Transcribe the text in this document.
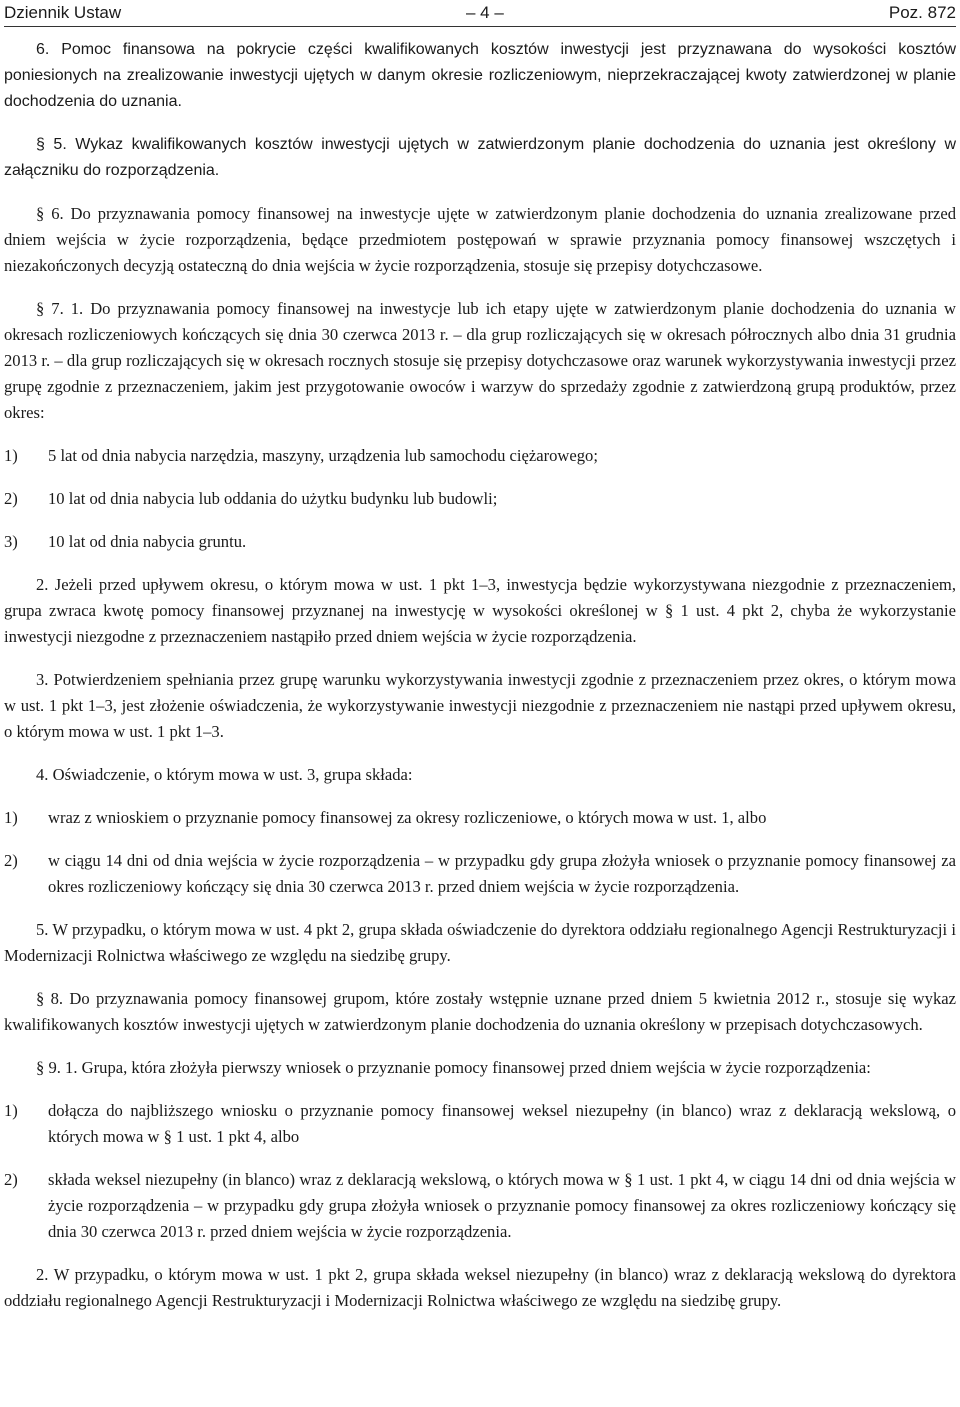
Dziennik Ustaw	– 4 –	Poz. 872

6. Pomoc finansowa na pokrycie części kwalifikowanych kosztów inwestycji jest przyznawana do wysokości kosztów poniesionych na zrealizowanie inwestycji ujętych w danym okresie rozliczeniowym, nieprzekraczającej kwoty zatwierdzonej w planie dochodzenia do uznania.

§ 5. Wykaz kwalifikowanych kosztów inwestycji ujętych w zatwierdzonym planie dochodzenia do uznania jest określony w załączniku do rozporządzenia.

§ 6. Do przyznawania pomocy finansowej na inwestycje ujęte w zatwierdzonym planie dochodzenia do uznania zrealizowane przed dniem wejścia w życie rozporządzenia, będące przedmiotem postępowań w sprawie przyznania pomocy finansowej wszczętych i niezakończonych decyzją ostateczną do dnia wejścia w życie rozporządzenia, stosuje się przepisy dotychczasowe.

§ 7. 1. Do przyznawania pomocy finansowej na inwestycje lub ich etapy ujęte w zatwierdzonym planie dochodzenia do uznania w okresach rozliczeniowych kończących się dnia 30 czerwca 2013 r. – dla grup rozliczających się w okresach półrocznych albo dnia 31 grudnia 2013 r. – dla grup rozliczających się w okresach rocznych stosuje się przepisy dotychczasowe oraz warunek wykorzystywania inwestycji przez grupę zgodnie z przeznaczeniem, jakim jest przygotowanie owoców i warzyw do sprzedaży zgodnie z zatwierdzoną grupą produktów, przez okres:

1)	5 lat od dnia nabycia narzędzia, maszyny, urządzenia lub samochodu ciężarowego;
2)	10 lat od dnia nabycia lub oddania do użytku budynku lub budowli;
3)	10 lat od dnia nabycia gruntu.

2. Jeżeli przed upływem okresu, o którym mowa w ust. 1 pkt 1–3, inwestycja będzie wykorzystywana niezgodnie z przeznaczeniem, grupa zwraca kwotę pomocy finansowej przyznanej na inwestycję w wysokości określonej w § 1 ust. 4 pkt 2, chyba że wykorzystanie inwestycji niezgodne z przeznaczeniem nastąpiło przed dniem wejścia w życie rozporządzenia.

3. Potwierdzeniem spełniania przez grupę warunku wykorzystywania inwestycji zgodnie z przeznaczeniem przez okres, o którym mowa w ust. 1 pkt 1–3, jest złożenie oświadczenia, że wykorzystywanie inwestycji niezgodnie z przeznaczeniem nie nastąpi przed upływem okresu, o którym mowa w ust. 1 pkt 1–3.

4. Oświadczenie, o którym mowa w ust. 3, grupa składa:

1)	wraz z wnioskiem o przyznanie pomocy finansowej za okresy rozliczeniowe, o których mowa w ust. 1, albo
2)	w ciągu 14 dni od dnia wejścia w życie rozporządzenia – w przypadku gdy grupa złożyła wniosek o przyznanie pomocy finansowej za okres rozliczeniowy kończący się dnia 30 czerwca 2013 r. przed dniem wejścia w życie rozporządzenia.

5. W przypadku, o którym mowa w ust. 4 pkt 2, grupa składa oświadczenie do dyrektora oddziału regionalnego Agencji Restrukturyzacji i Modernizacji Rolnictwa właściwego ze względu na siedzibę grupy.

§ 8. Do przyznawania pomocy finansowej grupom, które zostały wstępnie uznane przed dniem 5 kwietnia 2012 r., stosuje się wykaz kwalifikowanych kosztów inwestycji ujętych w zatwierdzonym planie dochodzenia do uznania określony w przepisach dotychczasowych.

§ 9. 1. Grupa, która złożyła pierwszy wniosek o przyznanie pomocy finansowej przed dniem wejścia w życie rozporządzenia:

1)	dołącza do najbliższego wniosku o przyznanie pomocy finansowej weksel niezupełny (in blanco) wraz z deklaracją wekslową, o których mowa w § 1 ust. 1 pkt 4, albo
2)	składa weksel niezupełny (in blanco) wraz z deklaracją wekslową, o których mowa w § 1 ust. 1 pkt 4, w ciągu 14 dni od dnia wejścia w życie rozporządzenia – w przypadku gdy grupa złożyła wniosek o przyznanie pomocy finansowej za okres rozliczeniowy kończący się dnia 30 czerwca 2013 r. przed dniem wejścia w życie rozporządzenia.

2. W przypadku, o którym mowa w ust. 1 pkt 2, grupa składa weksel niezupełny (in blanco) wraz z deklaracją wekslową do dyrektora oddziału regionalnego Agencji Restrukturyzacji i Modernizacji Rolnictwa właściwego ze względu na siedzibę grupy.
